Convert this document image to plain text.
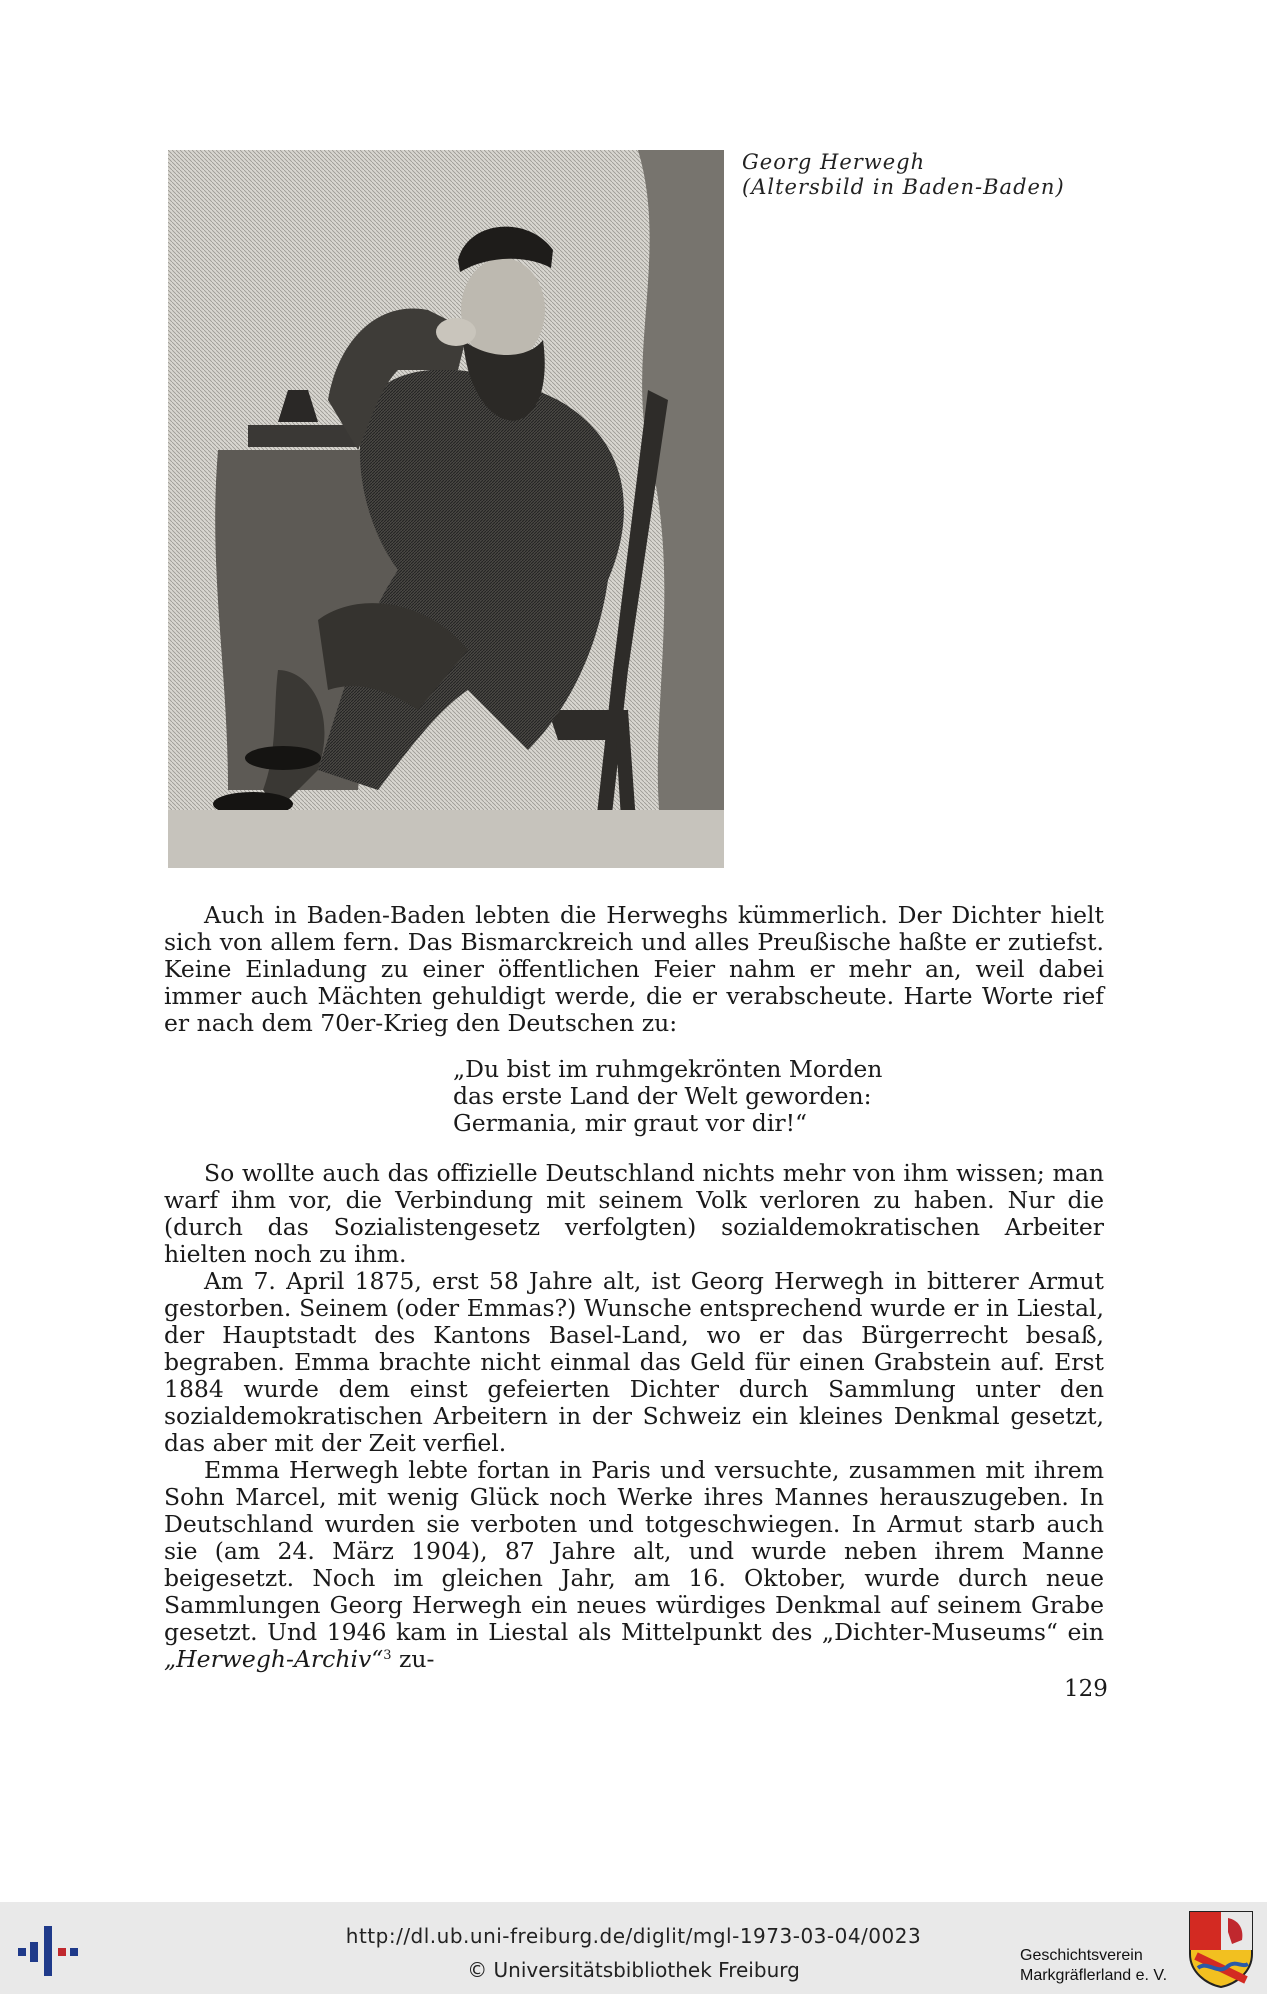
Georg Herwegh
(Altersbild in Baden-Baden)

Auch in Baden-Baden lebten die Herweghs kümmerlich. Der Dichter hielt sich von allem fern. Das Bismarckreich und alles Preußische haßte er zutiefst. Keine Einladung zu einer öffentlichen Feier nahm er mehr an, weil dabei immer auch Mächten gehuldigt werde, die er verabscheute. Harte Worte rief er nach dem 70er-Krieg den Deutschen zu:

„Du bist im ruhmgekrönten Morden
das erste Land der Welt geworden:
Germania, mir graut vor dir!“

So wollte auch das offizielle Deutschland nichts mehr von ihm wissen; man warf ihm vor, die Verbindung mit seinem Volk verloren zu haben. Nur die (durch das Sozialistengesetz verfolgten) sozialdemokratischen Arbeiter hielten noch zu ihm.

Am 7. April 1875, erst 58 Jahre alt, ist Georg Herwegh in bitterer Armut gestorben. Seinem (oder Emmas?) Wunsche entsprechend wurde er in Liestal, der Hauptstadt des Kantons Basel-Land, wo er das Bürgerrecht besaß, begraben. Emma brachte nicht einmal das Geld für einen Grabstein auf. Erst 1884 wurde dem einst gefeierten Dichter durch Sammlung unter den sozialdemokratischen Arbeitern in der Schweiz ein kleines Denkmal gesetzt, das aber mit der Zeit verfiel.

Emma Herwegh lebte fortan in Paris und versuchte, zusammen mit ihrem Sohn Marcel, mit wenig Glück noch Werke ihres Mannes herauszugeben. In Deutschland wurden sie verboten und totgeschwiegen. In Armut starb auch sie (am 24. März 1904), 87 Jahre alt, und wurde neben ihrem Manne beigesetzt. Noch im gleichen Jahr, am 16. Oktober, wurde durch neue Sammlungen Georg Herwegh ein neues würdiges Denkmal auf seinem Grabe gesetzt. Und 1946 kam in Liestal als Mittelpunkt des „Dichter-Museums“ ein „Herwegh-Archiv“$^3$ zu-

129
http://dl.ub.uni-freiburg.de/diglit/mgl-1973-03-04/0023
© Universitätsbibliothek Freiburg
Geschichtsverein
Markgräflerland e. V.
